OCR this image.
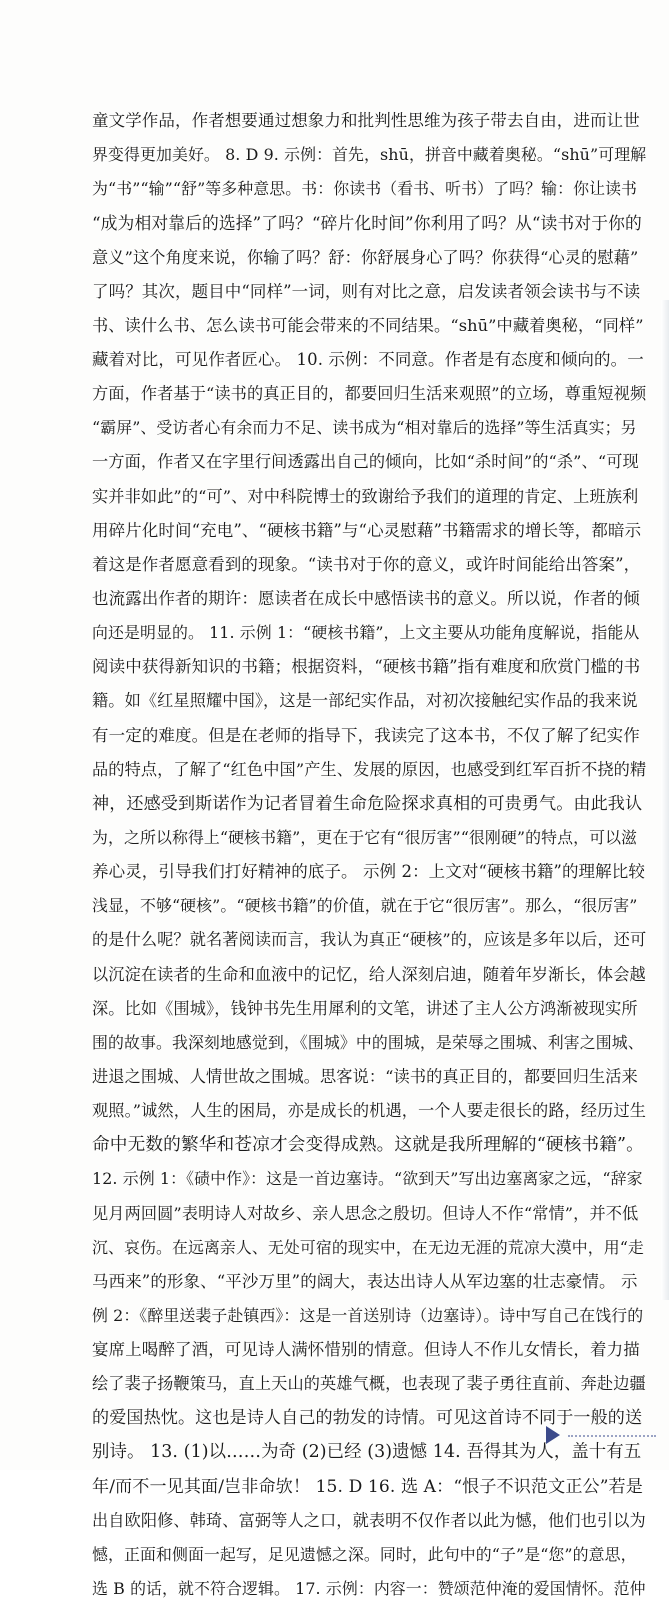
童文学作品，作者想要通过想象力和批判性思维为孩子带去自由，进而让世
界变得更加美好。 8. D 9. 示例：首先，shū，拼音中藏着奥秘。“shū”可理解
为“书”“输”“舒”等多种意思。书：你读书（看书、听书）了吗？输：你让读书
“成为相对靠后的选择”了吗？“碎片化时间”你利用了吗？从“读书对于你的
意义”这个角度来说，你输了吗？舒：你舒展身心了吗？你获得“心灵的慰藉”
了吗？其次，题目中“同样”一词，则有对比之意，启发读者领会读书与不读
书、读什么书、怎么读书可能会带来的不同结果。“shū”中藏着奥秘，“同样”
藏着对比，可见作者匠心。 10. 示例：不同意。作者是有态度和倾向的。一
方面，作者基于“读书的真正目的，都要回归生活来观照”的立场，尊重短视频
“霸屏”、受访者心有余而力不足、读书成为“相对靠后的选择”等生活真实；另
一方面，作者又在字里行间透露出自己的倾向，比如“杀时间”的“杀”、“可现
实并非如此”的“可”、对中科院博士的致谢给予我们的道理的肯定、上班族利
用碎片化时间“充电”、“硬核书籍”与“心灵慰藉”书籍需求的增长等，都暗示
着这是作者愿意看到的现象。“读书对于你的意义，或许时间能给出答案”，
也流露出作者的期许：愿读者在成长中感悟读书的意义。所以说，作者的倾
向还是明显的。 11. 示例 1：“硬核书籍”，上文主要从功能角度解说，指能从
阅读中获得新知识的书籍；根据资料，“硬核书籍”指有难度和欣赏门槛的书
籍。如《红星照耀中国》，这是一部纪实作品，对初次接触纪实作品的我来说
有一定的难度。但是在老师的指导下，我读完了这本书，不仅了解了纪实作
品的特点，了解了“红色中国”产生、发展的原因，也感受到红军百折不挠的精
神，还感受到斯诺作为记者冒着生命危险探求真相的可贵勇气。由此我认
为，之所以称得上“硬核书籍”，更在于它有“很厉害”“很刚硬”的特点，可以滋
养心灵，引导我们打好精神的底子。 示例 2：上文对“硬核书籍”的理解比较
浅显，不够“硬核”。“硬核书籍”的价值，就在于它“很厉害”。那么，“很厉害”
的是什么呢？就名著阅读而言，我认为真正“硬核”的，应该是多年以后，还可
以沉淀在读者的生命和血液中的记忆，给人深刻启迪，随着年岁渐长，体会越
深。比如《围城》，钱钟书先生用犀利的文笔，讲述了主人公方鸿渐被现实所
围的故事。我深刻地感觉到，《围城》中的围城，是荣辱之围城、利害之围城、
进退之围城、人情世故之围城。思客说：“读书的真正目的，都要回归生活来
观照。”诚然，人生的困局，亦是成长的机遇，一个人要走很长的路，经历过生
命中无数的繁华和苍凉才会变得成熟。这就是我所理解的“硬核书籍”。
12. 示例 1：《碛中作》：这是一首边塞诗。“欲到天”写出边塞离家之远，“辞家
见月两回圆”表明诗人对故乡、亲人思念之殷切。但诗人不作“常情”，并不低
沉、哀伤。在远离亲人、无处可宿的现实中，在无边无涯的荒凉大漠中，用“走
马西来”的形象、“平沙万里”的阔大，表达出诗人从军边塞的壮志豪情。 示
例 2：《醉里送裴子赴镇西》：这是一首送别诗（边塞诗）。诗中写自己在饯行的
宴席上喝醉了酒，可见诗人满怀惜别的情意。但诗人不作儿女情长，着力描
绘了裴子扬鞭策马，直上天山的英雄气概，也表现了裴子勇往直前、奔赴边疆
的爱国热忱。这也是诗人自己的勃发的诗情。可见这首诗不同于一般的送
别诗。 13. (1)以……为奇 (2)已经 (3)遗憾 14. 吾得其为人，盖十有五
年/而不一见其面/岂非命欤！ 15. D 16. 选 A：“恨子不识范文正公”若是
出自欧阳修、韩琦、富弼等人之口，就表明不仅作者以此为憾，他们也引以为
憾，正面和侧面一起写，足见遗憾之深。同时，此句中的“子”是“您”的意思，
选 B 的话，就不符合逻辑。 17. 示例：内容一：赞颂范仲淹的爱国情怀。范仲
